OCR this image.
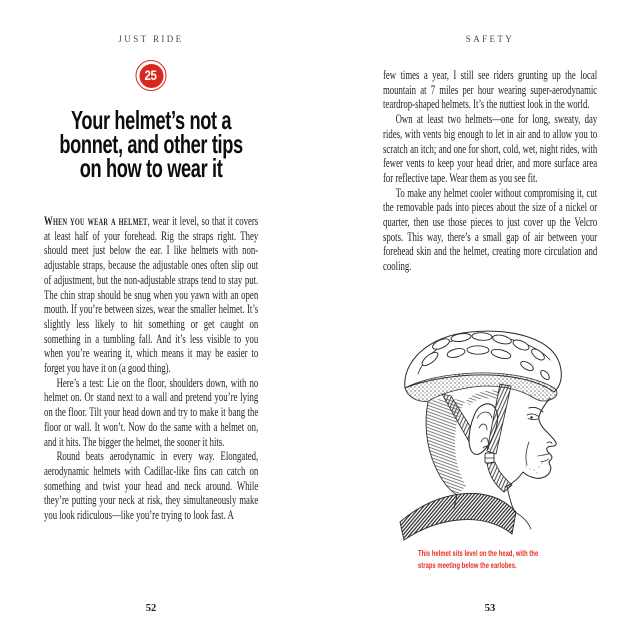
JUST RIDE
25
Your helmet’s not a
bonnet, and other tips
on how to wear it

When you wear a helmet, wear it level, so that it covers at least half of your forehead. Rig the straps right. They should meet just below the ear. I like helmets with non-adjustable straps, because the adjustable ones often slip out of adjustment, but the non-adjustable straps tend to stay put. The chin strap should be snug when you yawn with an open mouth. If you’re between sizes, wear the smaller helmet. It’s slightly less likely to hit something or get caught on something in a tumbling fall. And it’s less visible to you when you’re wearing it, which means it may be easier to forget you have it on (a good thing).

Here’s a test: Lie on the floor, shoulders down, with no helmet on. Or stand next to a wall and pretend you’re lying on the floor. Tilt your head down and try to make it bang the floor or wall. It won’t. Now do the same with a helmet on, and it hits. The bigger the helmet, the sooner it hits.

Round beats aerodynamic in every way. Elongated, aerodynamic helmets with Cadillac-like fins can catch on something and twist your head and neck around. While they’re putting your neck at risk, they simultaneously make you look ridiculous—like you’re trying to look fast. A

52
SAFETY

few times a year, I still see riders grunting up the local mountain at 7 miles per hour wearing super-aerodynamic teardrop-shaped helmets. It’s the nuttiest look in the world.

Own at least two helmets—one for long, sweaty, day rides, with vents big enough to let in air and to allow you to scratch an itch; and one for short, cold, wet, night rides, with fewer vents to keep your head drier, and more surface area for reflective tape. Wear them as you see fit.

To make any helmet cooler without compromising it, cut the removable pads into pieces about the size of a nickel or quarter, then use those pieces to just cover up the Velcro spots. This way, there’s a small gap of air between your forehead skin and the helmet, creating more circulation and cooling.

This helmet sits level on the head, with the
straps meeting below the earlobes.
53
